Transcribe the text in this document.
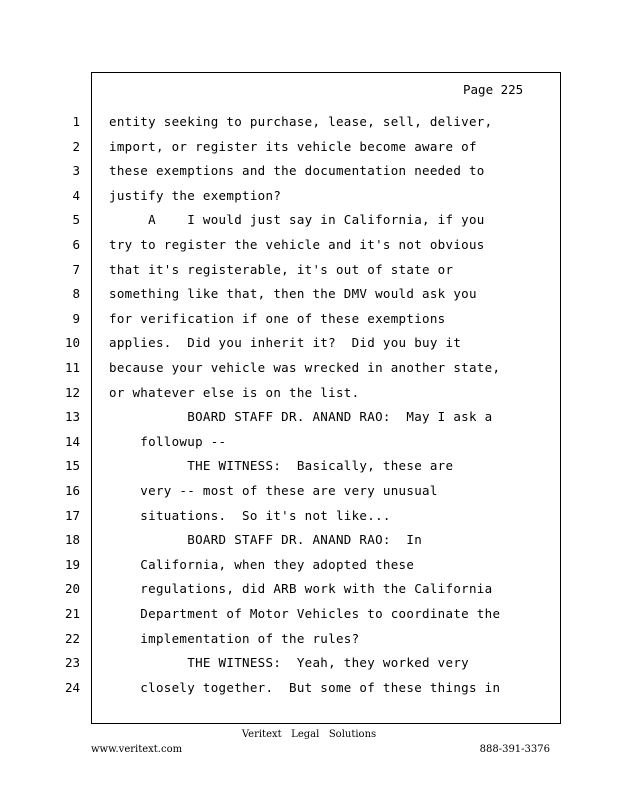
Page 225
1 entity seeking to purchase, lease, sell, deliver,
2 import, or register its vehicle become aware of
3 these exemptions and the documentation needed to
4 justify the exemption?
5 A    I would just say in California, if you
6 try to register the vehicle and it's not obvious
7 that it's registerable, it's out of state or
8 something like that, then the DMV would ask you
9 for verification if one of these exemptions
10 applies.  Did you inherit it?  Did you buy it
11 because your vehicle was wrecked in another state,
12 or whatever else is on the list.
13 BOARD STAFF DR. ANAND RAO:  May I ask a
14 followup --
15 THE WITNESS:  Basically, these are
16 very -- most of these are very unusual
17 situations.  So it's not like...
18 BOARD STAFF DR. ANAND RAO:  In
19 California, when they adopted these
20 regulations, did ARB work with the California
21 Department of Motor Vehicles to coordinate the
22 implementation of the rules?
23 THE WITNESS:  Yeah, they worked very
24 closely together.  But some of these things in
Veritext   Legal   Solutions
www.veritext.com	888-391-3376
